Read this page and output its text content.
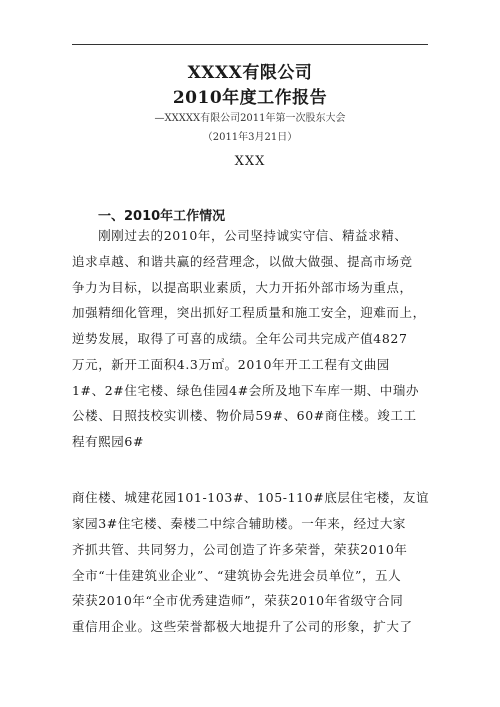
XXXX有限公司
2010年度工作报告
—XXXXX有限公司2011年第一次股东大会
（2011年3月21日）
XXX
一、2010年工作情况
　　刚刚过去的2010年，公司坚持诚实守信、精益求精、
追求卓越、和谐共赢的经营理念，以做大做强、提高市场竞
争力为目标，以提高职业素质，大力开拓外部市场为重点，
加强精细化管理，突出抓好工程质量和施工安全，迎难而上，
逆势发展，取得了可喜的成绩。全年公司共完成产值4827
万元，新开工面积4.3万㎡。2010年开工工程有文曲园
1#、2#住宅楼、绿色佳园4#会所及地下车库一期、中瑞办
公楼、日照技校实训楼、物价局59#、60#商住楼。竣工工
程有熙园6#
商住楼、城建花园101-103#、105-110#底层住宅楼，友谊
家园3#住宅楼、秦楼二中综合辅助楼。一年来，经过大家
齐抓共管、共同努力，公司创造了许多荣誉，荣获2010年
全市“十佳建筑业企业”、“建筑协会先进会员单位”，五人
荣获2010年“全市优秀建造师”，荣获2010年省级守合同
重信用企业。这些荣誉都极大地提升了公司的形象，扩大了
